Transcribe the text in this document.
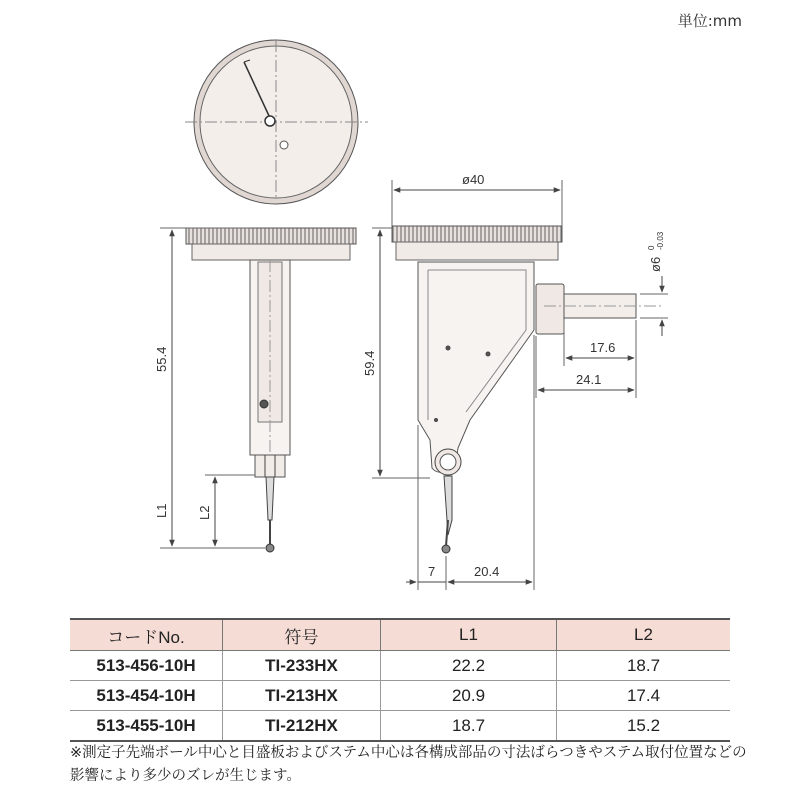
単位:mm
ø40
59.4
55.4
L1 L2
17.6
24.1
7	20.4
ø6
0 -0.03
コードNo.	符号	L1	L2
513-456-10H	TI-233HX	22.2	18.7
513-454-10H	TI-213HX	20.9	17.4
513-455-10H	TI-212HX	18.7	15.2
※測定子先端ボール中心と目盛板およびステム中心は各構成部品の寸法ばらつきやステム取付位置などの影響により多少のズレが生じます。
